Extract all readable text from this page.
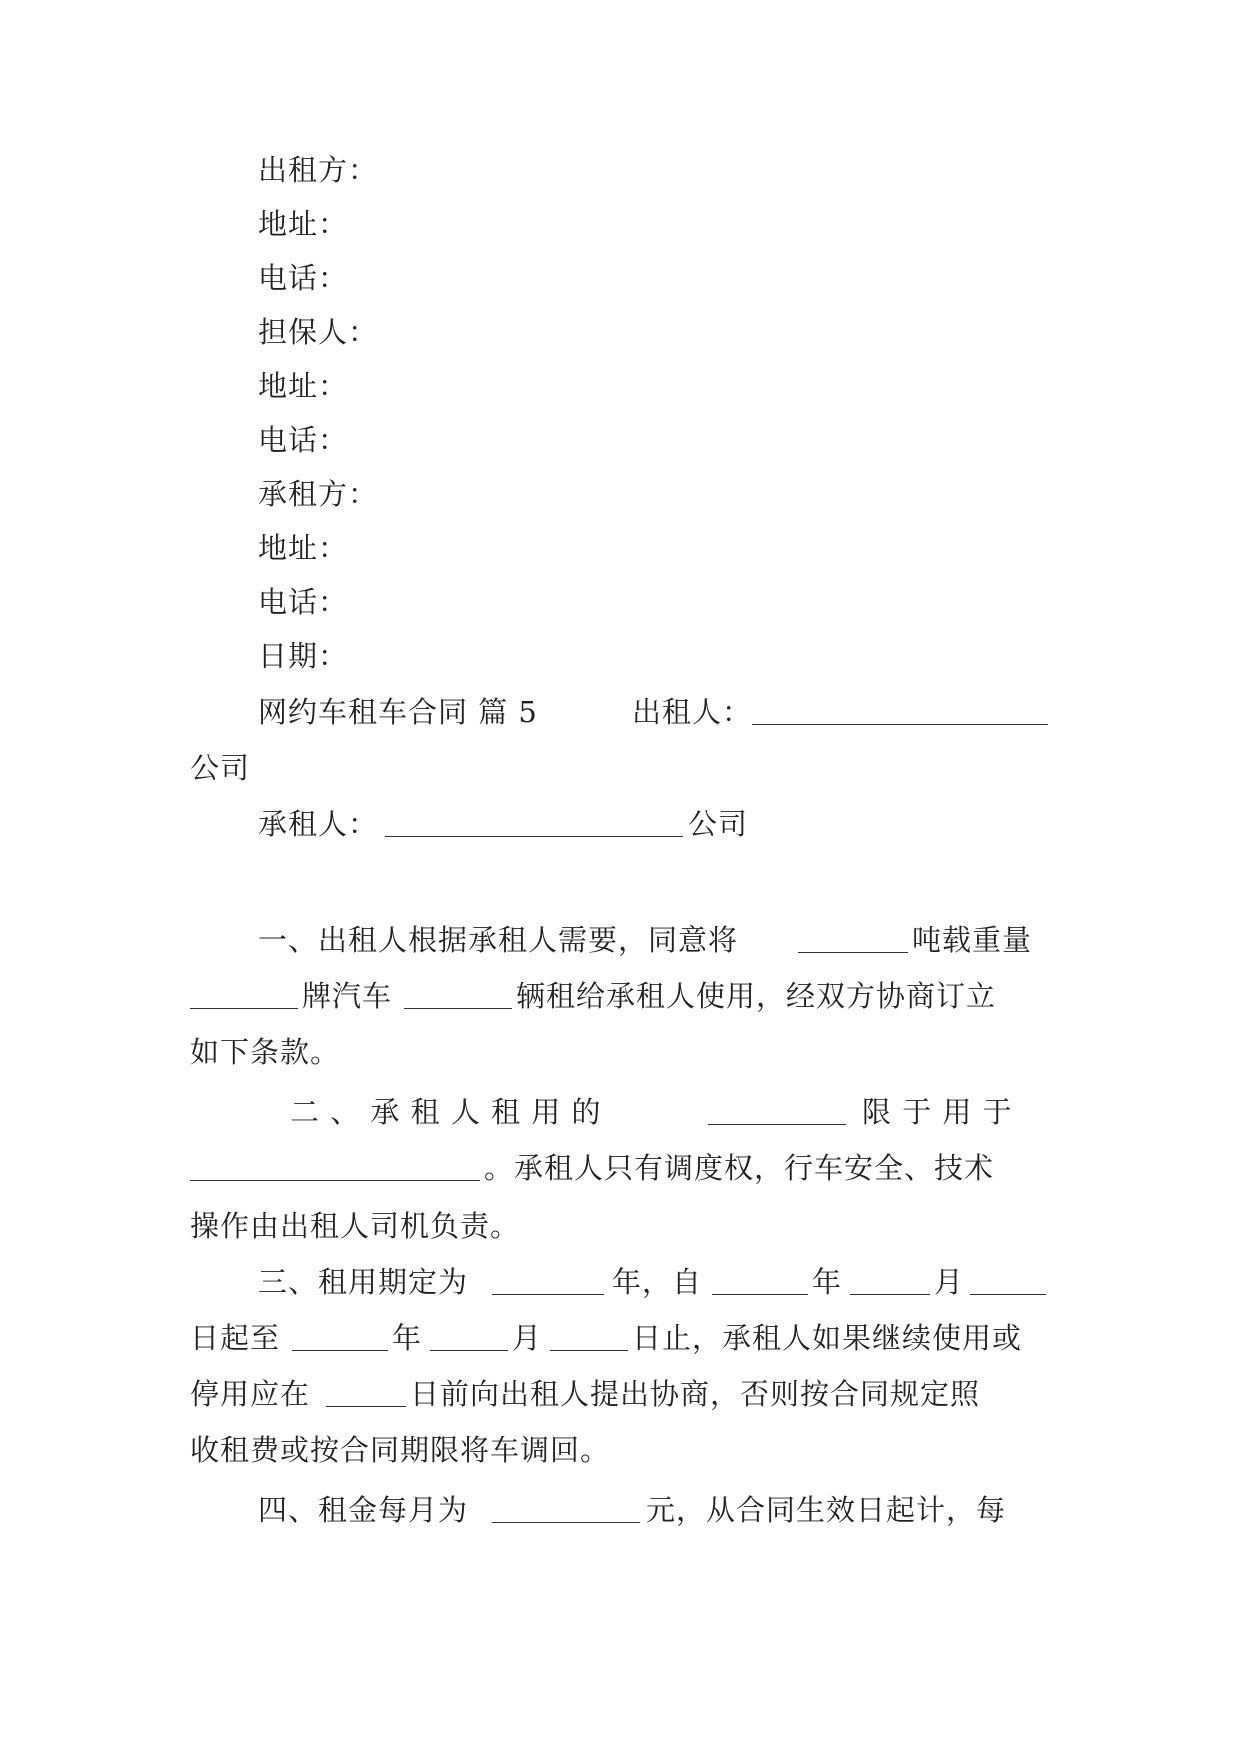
出租方：
地址：
电话：
担保人：
地址：
电话：
承租方：
地址：
电话：
日期：
网约车租车合同 篇 5	出租人：
公司
承租人：	公司
一、出租人根据承租人需要，同意将	吨载重量
牌汽车	辆租给承租人使用，经双方协商订立
如下条款。
二 、 承 租 人 租 用 的	限 于 用 于
。承租人只有调度权，行车安全、技术
操作由出租人司机负责。
三、租用期定为	年，自	年	月
日起至	年	月	日止，承租人如果继续使用或
停用应在	日前向出租人提出协商，否则按合同规定照
收租费或按合同期限将车调回。
四、租金每月为	元，从合同生效日起计，每
